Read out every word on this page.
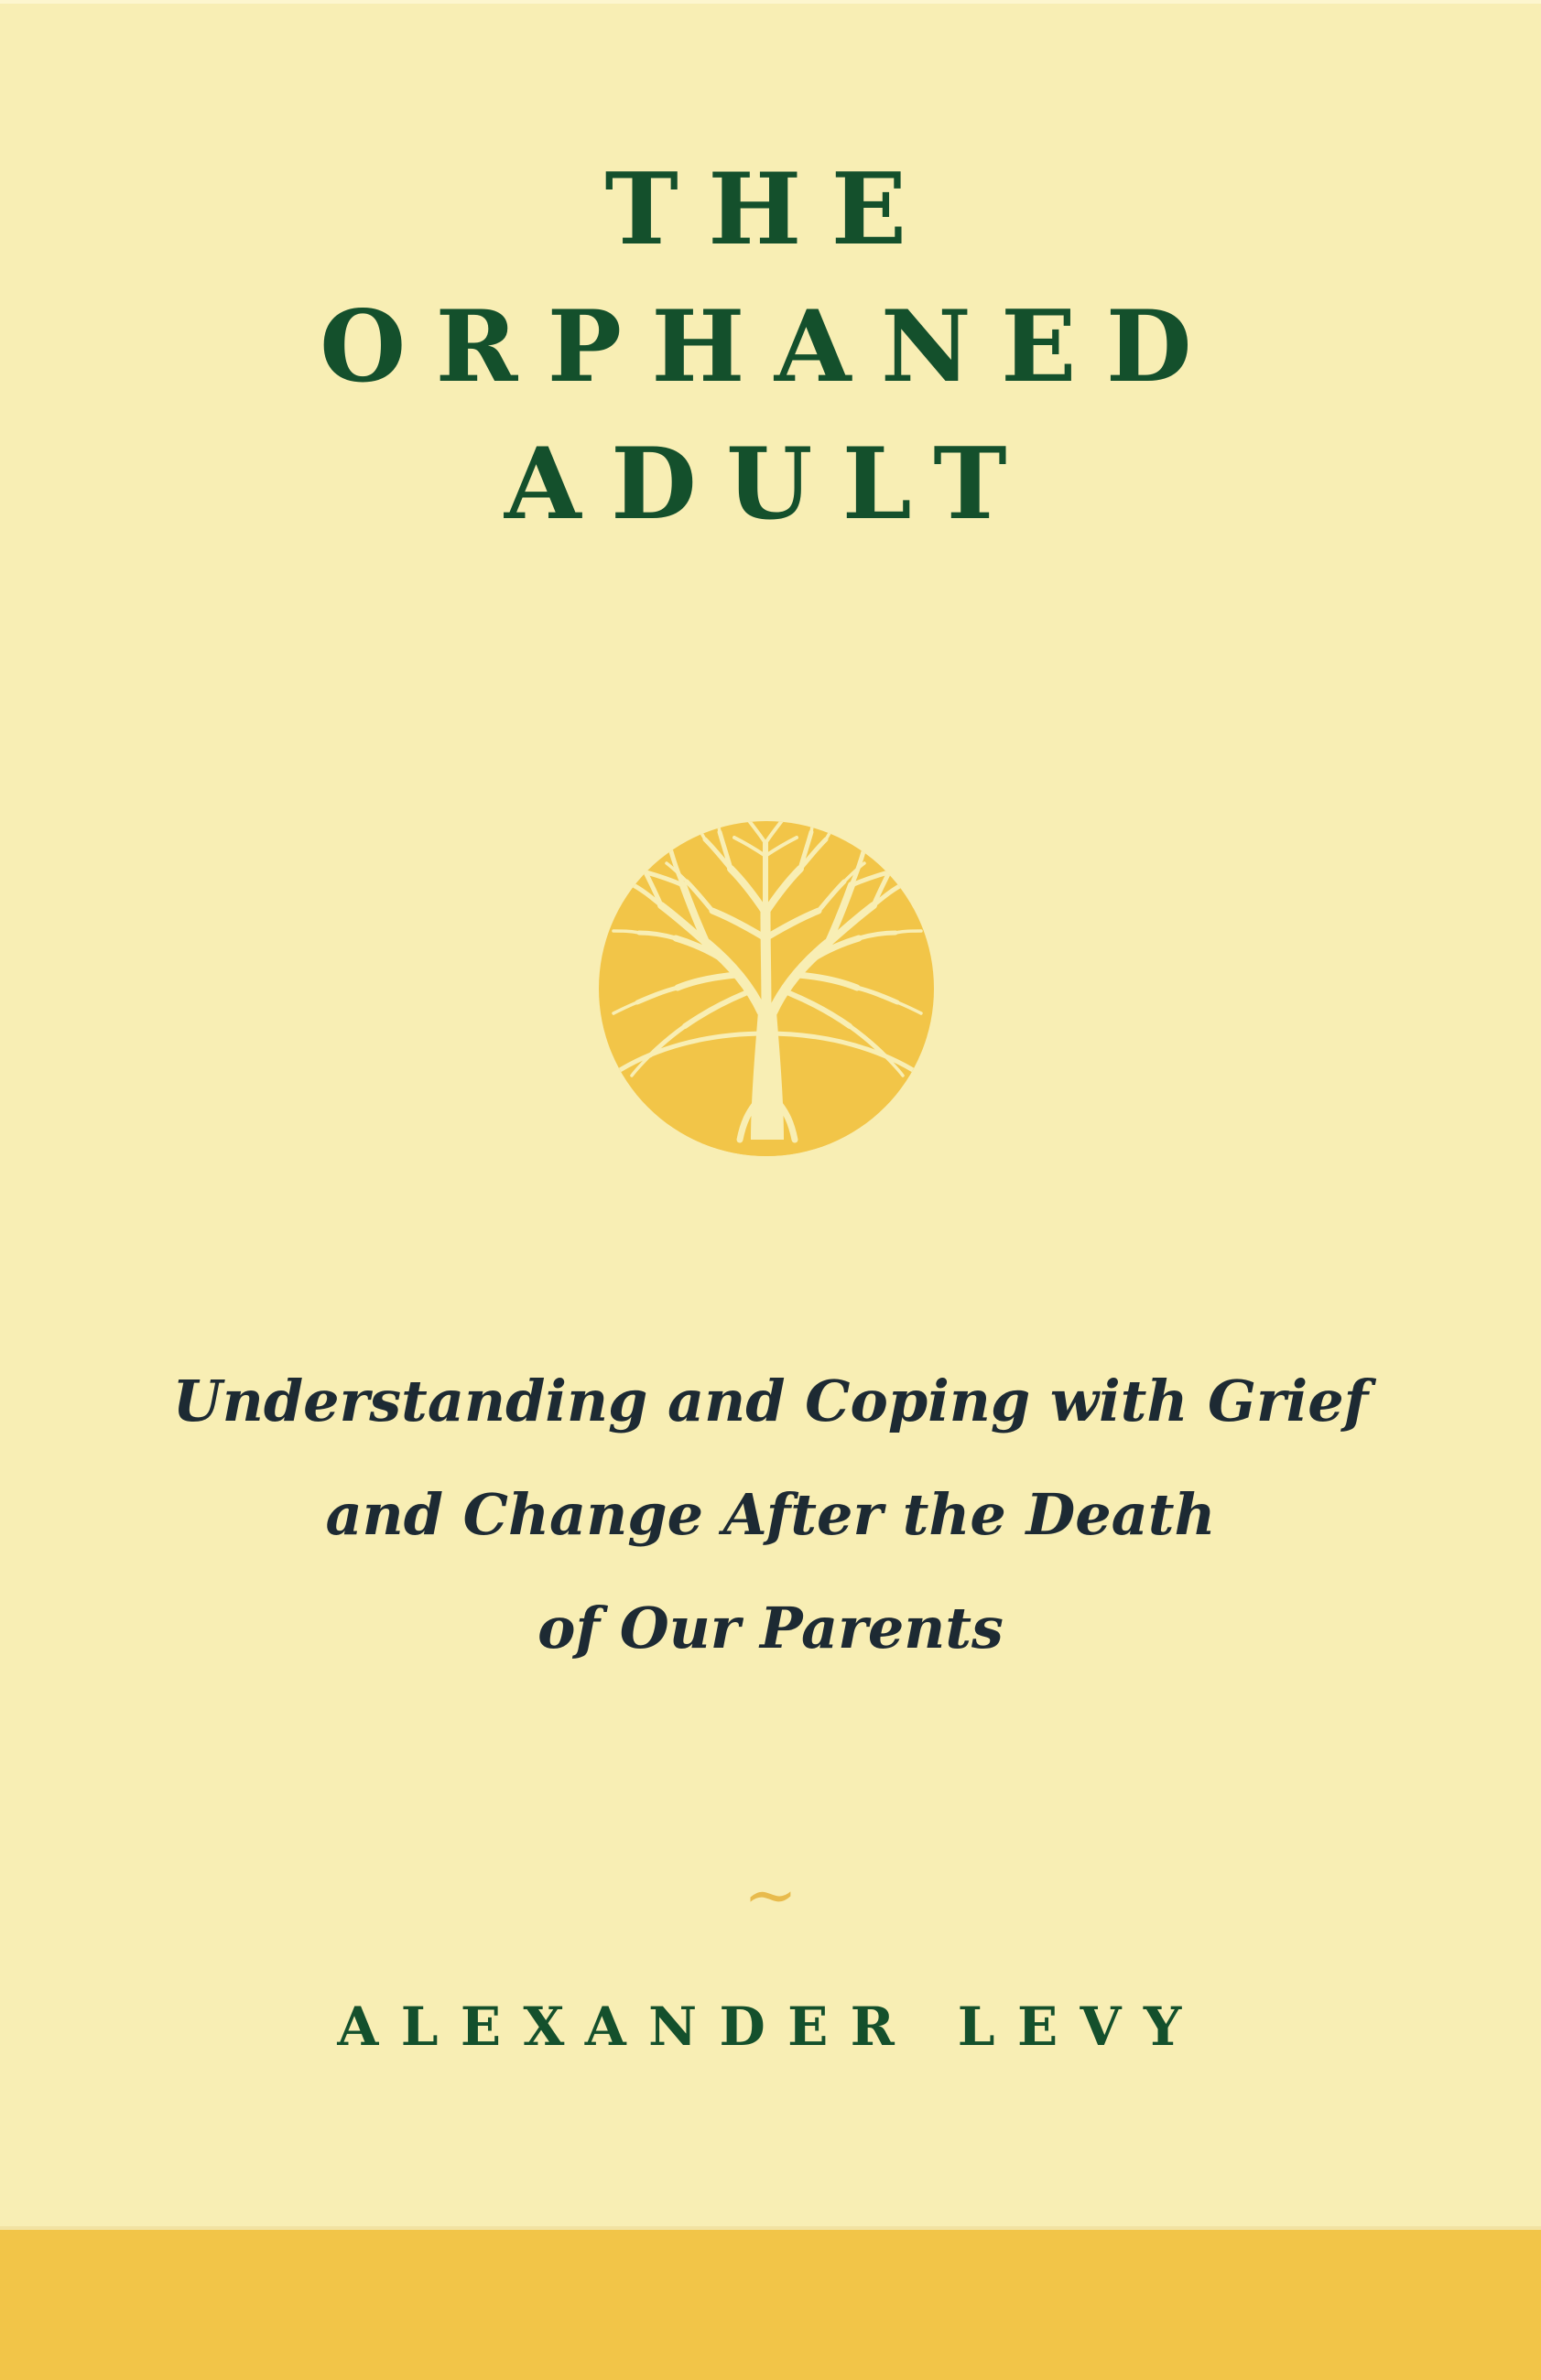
THE
ORPHANED
ADULT
Understanding and Coping with Grief
and Change After the Death
of Our Parents
∼
ALEXANDER LEVY
